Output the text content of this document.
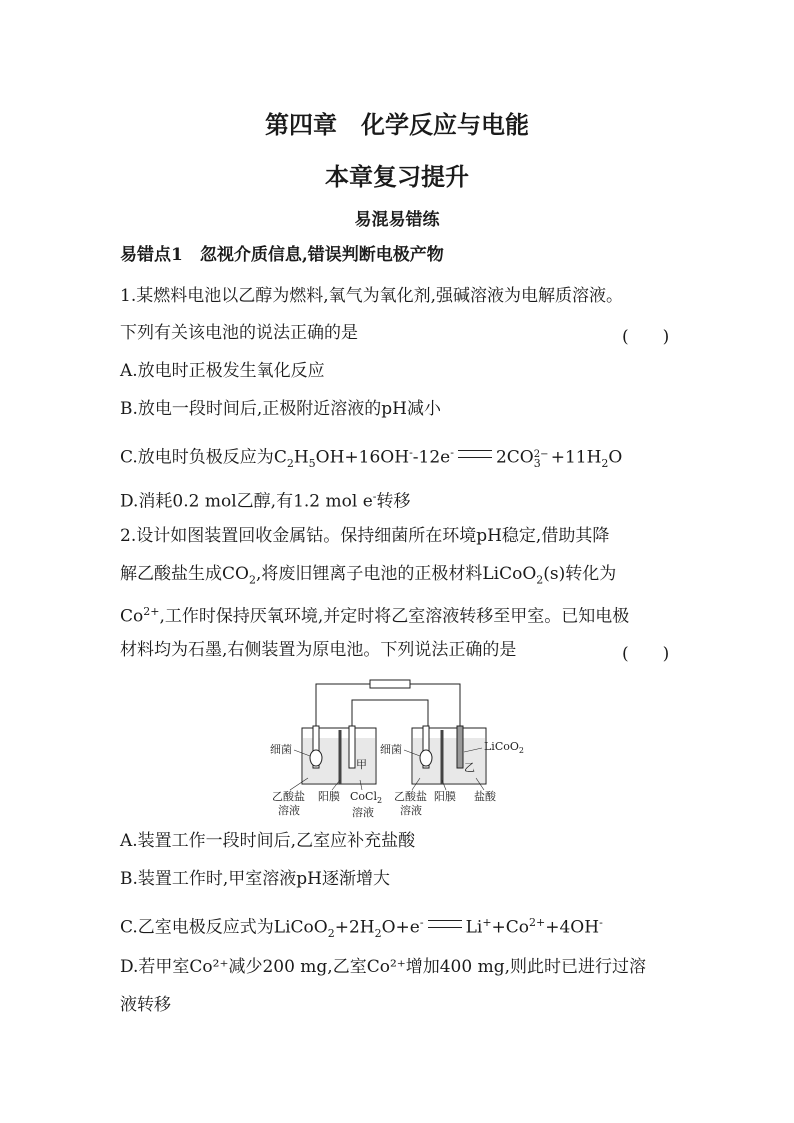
第四章　化学反应与电能
本章复习提升
易混易错练
易错点1　忽视介质信息,错误判断电极产物
1.某燃料电池以乙醇为燃料,氧气为氧化剂,强碱溶液为电解质溶液。
下列有关该电池的说法正确的是	(　　)
A.放电时正极发生氧化反应
B.放电一段时间后,正极附近溶液的pH减小
C.放电时负极反应为$C_2H_5OH+16OH^--12e^-$ 2CO $_{2- 3} +11H_2O$
D.消耗0.2 mol乙醇,有1.2 mol e-转移
2.设计如图装置回收金属钴。保持细菌所在环境pH稳定,借助其降
解乙酸盐生成$CO_2$,将废旧锂离子电池的正极材料LiCoO$_2$(s)转化为
$Co^{2+}$,工作时保持厌氧环境,并定时将乙室溶液转移至甲室。已知电极
材料均为石墨,右侧装置为原电池。下列说法正确的是	(　　)
细菌
甲
细菌	LiCoO$_2$
乙
乙酸盐
溶液
阳膜 CoCl$_2$
溶液
乙酸盐
溶液
阳膜 盐酸
A.装置工作一段时间后,乙室应补充盐酸
B.装置工作时,甲室溶液pH逐渐增大
C.乙室电极反应式为$LiCoO_2+2H_2O+e^-$ $Li^++Co^{2+}+4OH^-$
D.若甲室Co²⁺减少200 mg,乙室Co²⁺增加400 mg,则此时已进行过溶
液转移
